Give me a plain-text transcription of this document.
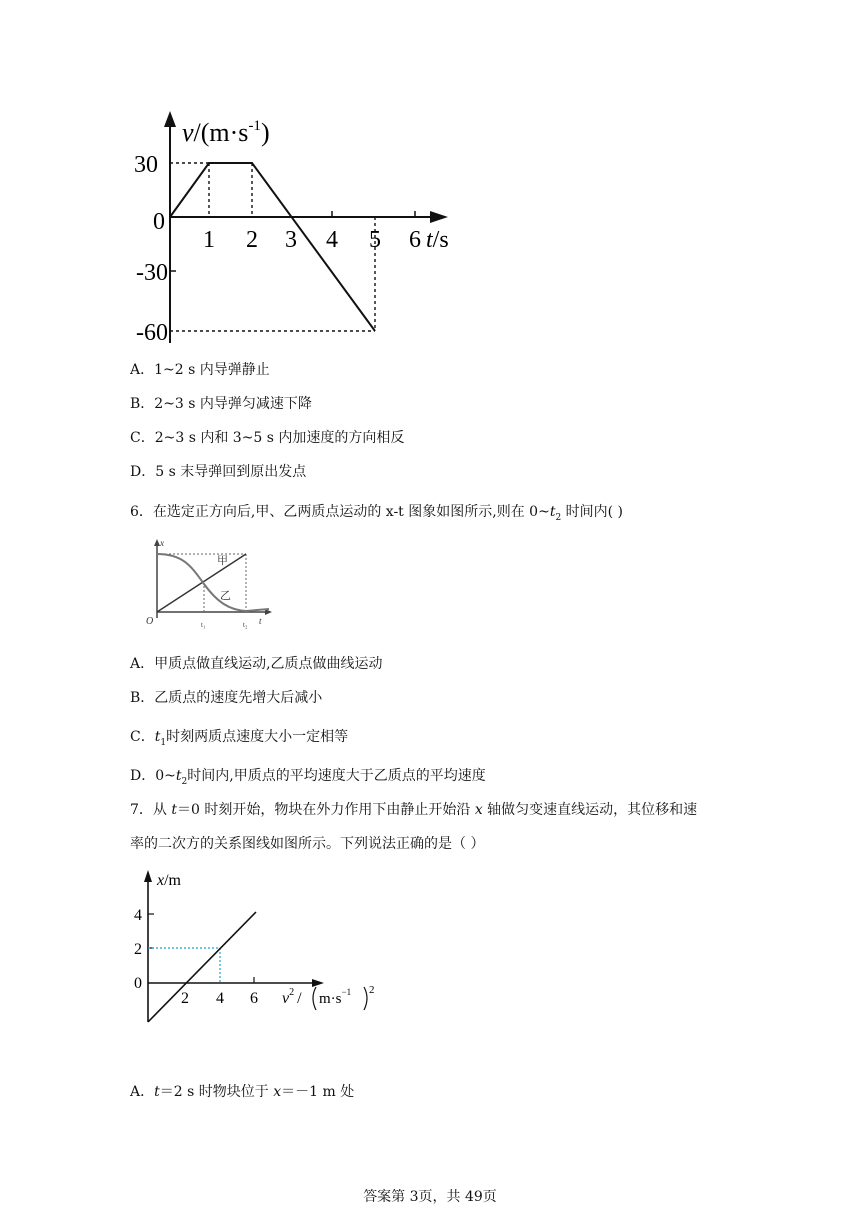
$v/(m\cdot s^{-1})$
30
0
-30
-60
1 2 3 4 5 6 t/s
A．1~2 s 内导弹静止
B．2~3 s 内导弹匀减速下降
C．2~3 s 内和 3~5 s 内加速度的方向相反
D．5 s 末导弹回到原出发点
6．在选定正方向后,甲、乙两质点运动的 x-t 图象如图所示,则在 $0\sim t_2$ 时间内( )
x
甲
乙
O	t₁	t₂ t
A．甲质点做直线运动,乙质点做曲线运动
B．乙质点的速度先增大后减小
C．$t_1$时刻两质点速度大小一定相等
D．$0\sim t_2$时间内,甲质点的平均速度大于乙质点的平均速度
7．从 t＝0 时刻开始，物块在外力作用下由静止开始沿 x 轴做匀变速直线运动，其位移和速
率的二次方的关系图线如图所示。下列说法正确的是（ ）
x/m
4
2
0
2 4 6 $v^2 / m\cdot s^{-1}$ 2
A．t＝2 s 时物块位于 x＝－1 m 处
答案第 3页，共 49页
